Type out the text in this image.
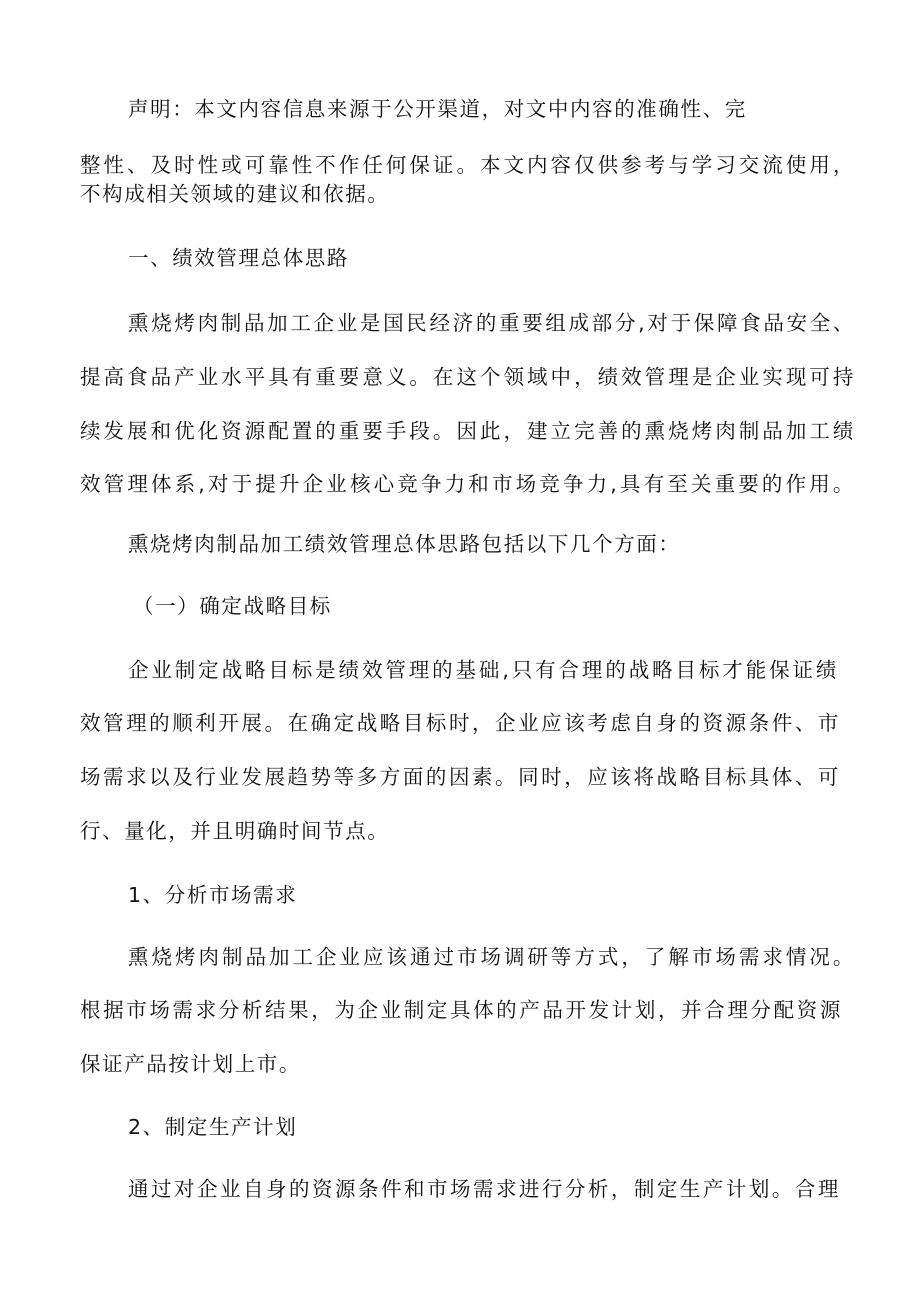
声明：本文内容信息来源于公开渠道，对文中内容的准确性、完
整性、及时性或可靠性不作任何保证。本文内容仅供参考与学习交流使用，
不构成相关领域的建议和依据。
一、绩效管理总体思路
熏烧烤肉制品加工企业是国民经济的重要组成部分,对于保障食品安全、
提高食品产业水平具有重要意义。在这个领域中，绩效管理是企业实现可持
续发展和优化资源配置的重要手段。因此，建立完善的熏烧烤肉制品加工绩
效管理体系,对于提升企业核心竞争力和市场竞争力,具有至关重要的作用。
熏烧烤肉制品加工绩效管理总体思路包括以下几个方面：
（一）确定战略目标
企业制定战略目标是绩效管理的基础,只有合理的战略目标才能保证绩
效管理的顺利开展。在确定战略目标时，企业应该考虑自身的资源条件、市
场需求以及行业发展趋势等多方面的因素。同时，应该将战略目标具体、可
行、量化，并且明确时间节点。
1、分析市场需求
熏烧烤肉制品加工企业应该通过市场调研等方式，了解市场需求情况。
根据市场需求分析结果，为企业制定具体的产品开发计划，并合理分配资源
保证产品按计划上市。
2、制定生产计划
通过对企业自身的资源条件和市场需求进行分析，制定生产计划。合理
